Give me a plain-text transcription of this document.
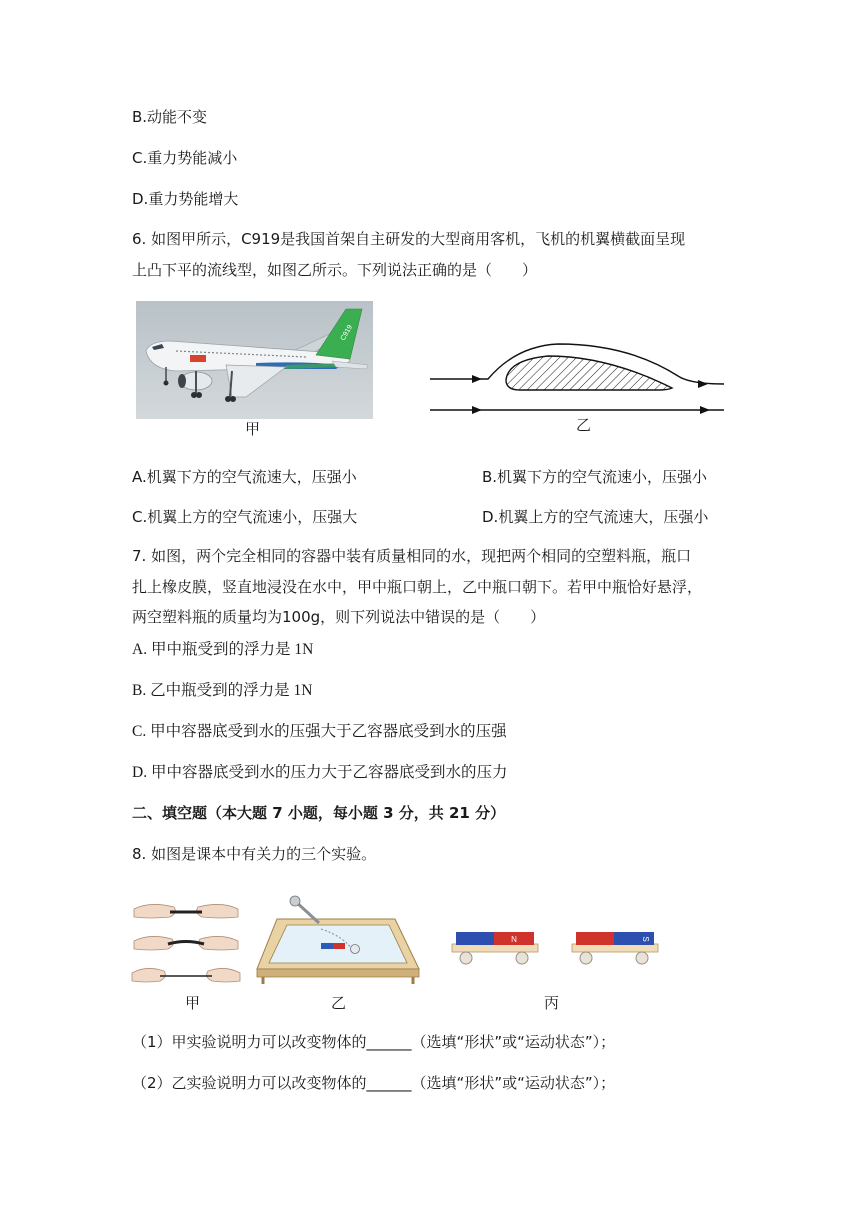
B.动能不变
C.重力势能减小
D.重力势能增大
6. 如图甲所示，C919是我国首架自主研发的大型商用客机，飞机的机翼横截面呈现
上凸下平的流线型，如图乙所示。下列说法正确的是（　　）
C919
甲	乙
A.机翼下方的空气流速大，压强小	B.机翼下方的空气流速小，压强小
C.机翼上方的空气流速小，压强大	D.机翼上方的空气流速大，压强小
7. 如图，两个完全相同的容器中装有质量相同的水，现把两个相同的空塑料瓶，瓶口
扎上橡皮膜，竖直地浸没在水中，甲中瓶口朝上，乙中瓶口朝下。若甲中瓶恰好悬浮，
两空塑料瓶的质量均为100g，则下列说法中错误的是（　　）
A. 甲中瓶受到的浮力是 1N
B. 乙中瓶受到的浮力是 1N
C. 甲中容器底受到水的压强大于乙容器底受到水的压强
D. 甲中容器底受到水的压力大于乙容器底受到水的压力
二、填空题（本大题 7 小题，每小题 3 分，共 21 分）
8. 如图是课本中有关力的三个实验。
甲	乙
N	S
丙
（1）甲实验说明力可以改变物体的______（选填“形状”或“运动状态”）；
（2）乙实验说明力可以改变物体的______（选填“形状”或“运动状态”）；
